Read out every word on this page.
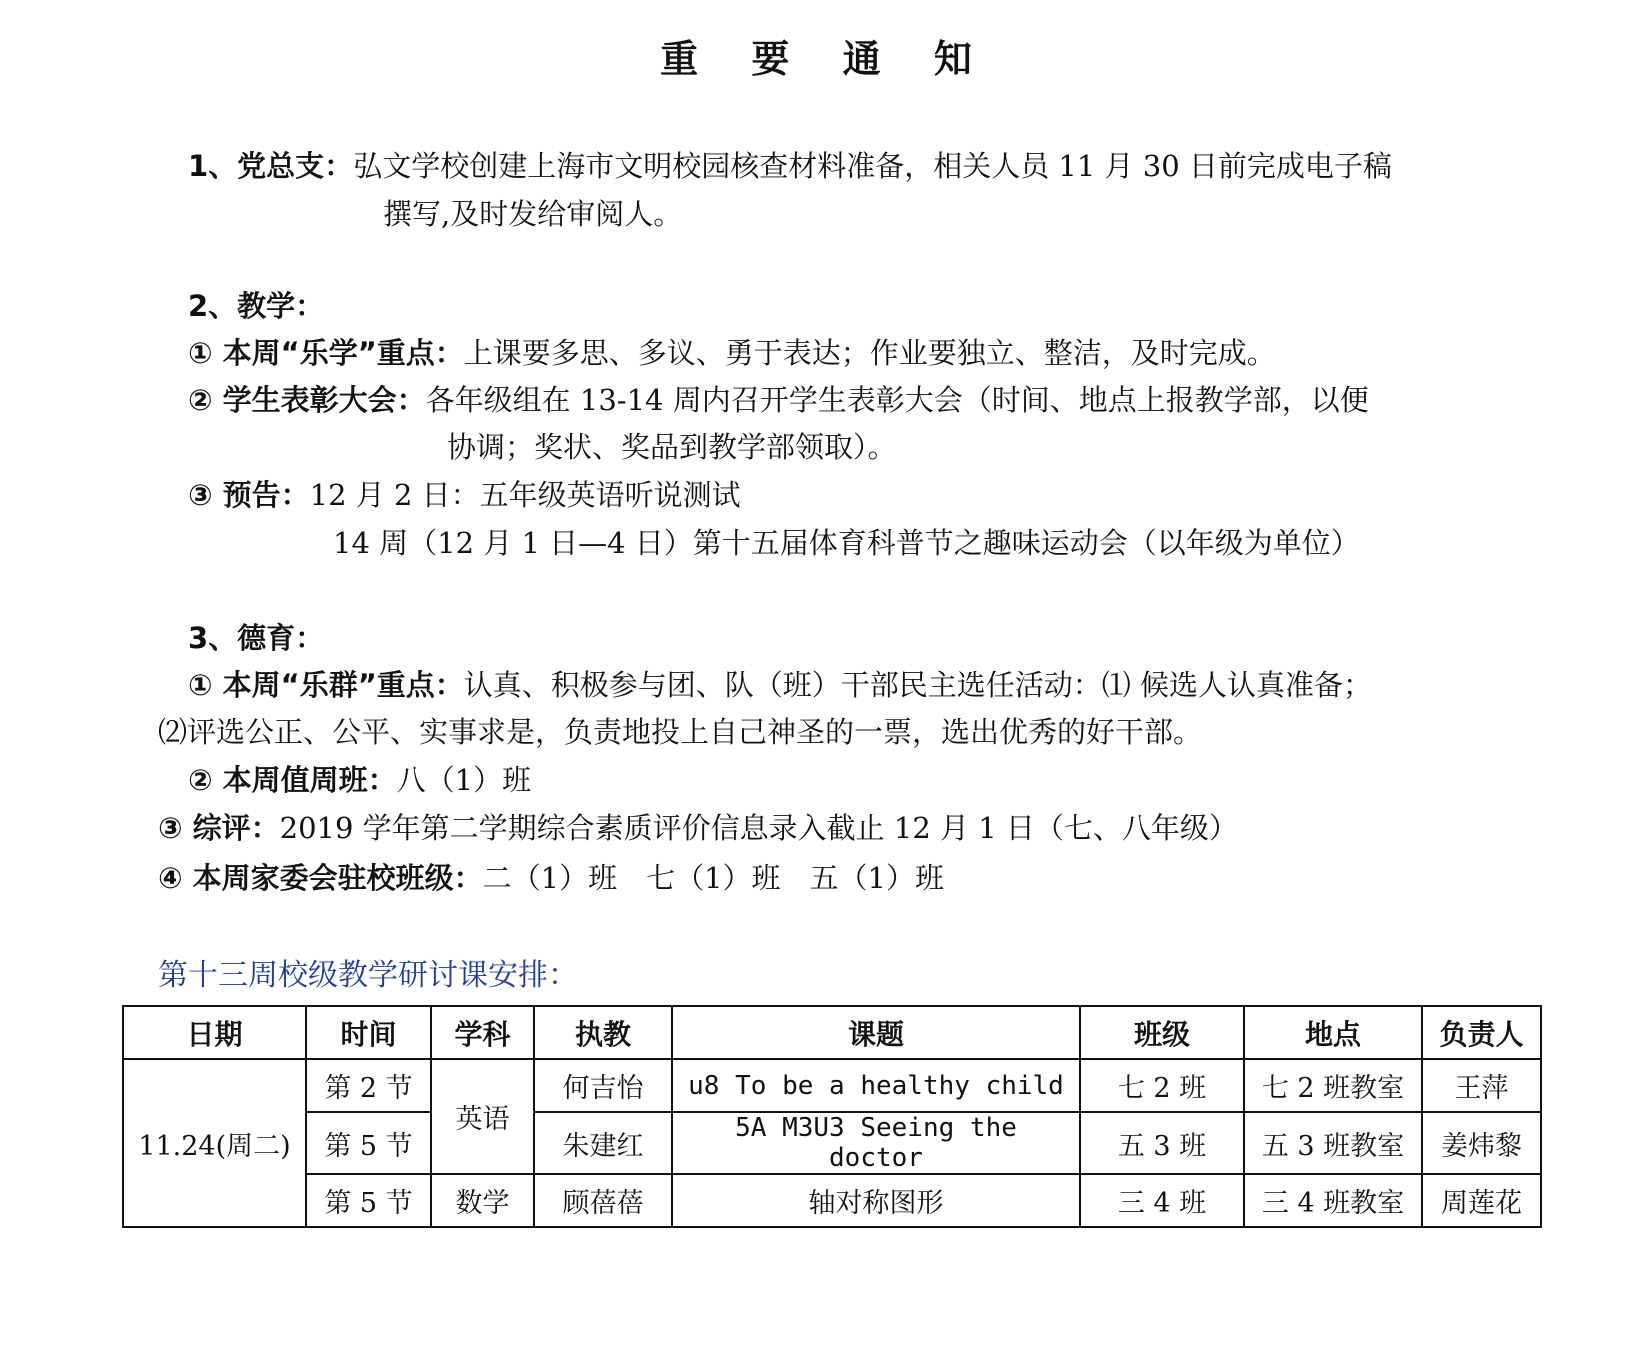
重 要 通 知
1、党总支：弘文学校创建上海市文明校园核查材料准备，相关人员 11 月 30 日前完成电子稿
撰写,及时发给审阅人。
2、教学：
① 本周“乐学”重点：上课要多思、多议、勇于表达；作业要独立、整洁，及时完成。
② 学生表彰大会：各年级组在 13-14 周内召开学生表彰大会（时间、地点上报教学部，以便
协调；奖状、奖品到教学部领取）。
③ 预告：12 月 2 日：五年级英语听说测试
14 周（12 月 1 日—4 日）第十五届体育科普节之趣味运动会（以年级为单位）
3、德育：
① 本周“乐群”重点：认真、积极参与团、队（班）干部民主选任活动：⑴ 候选人认真准备；
⑵评选公正、公平、实事求是，负责地投上自己神圣的一票，选出优秀的好干部。
② 本周值周班：八（1）班
③ 综评：2019 学年第二学期综合素质评价信息录入截止 12 月 1 日（七、八年级）
④ 本周家委会驻校班级：二（1）班　七（1）班　五（1）班
第十三周校级教学研讨课安排：
日期	时间	学科	执教	课题	班级	地点	负责人
11.24(周二)	第 2 节	英语	何吉怡	u8 To be a healthy child	七 2 班	七 2 班教室	王萍
	第 5 节		朱建红	5A M3U3 Seeing the doctor	五 3 班	五 3 班教室	姜炜黎
	第 5 节	数学	顾蓓蓓	轴对称图形	三 4 班	三 4 班教室	周莲花
